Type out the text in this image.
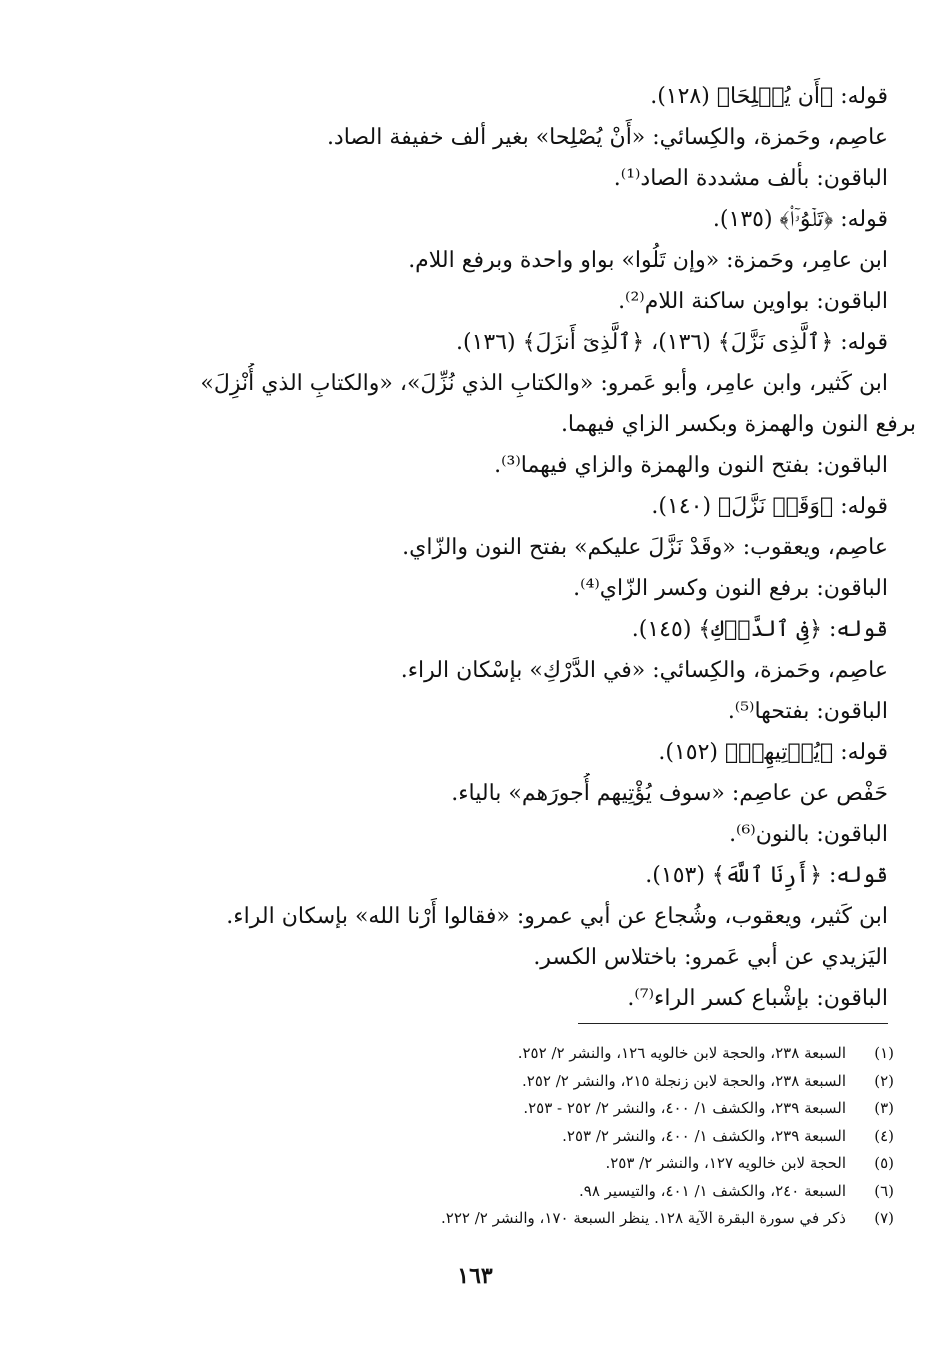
قوله: ﴿أَن يُصۡلِحَا﴾ (١٢٨).
عاصِم، وحَمزة، والكِسائي: «أَنْ يُصْلِحا» بغير ألف خفيفة الصاد.
الباقون: بألف مشددة الصاد⁽¹⁾.
قوله: ﴿تَلۡوُۥٓا۟﴾ (١٣٥).
ابن عامِر، وحَمزة: «وإن تَلُوا» بواو واحدة وبرفع اللام.
الباقون: بواوين ساكنة اللام⁽²⁾.
قوله: ﴿ٱلَّذِى نَزَّلَ﴾ (١٣٦)، ﴿ٱلَّذِىٓ أَنزَلَ﴾ (١٣٦).
ابن كَثير، وابن عامِر، وأبو عَمرو: «والكتابِ الذي نُزِّلَ»، «والكتابِ الذي أُنْزِلَ»
برفع النون والهمزة وبكسر الزاي فيهما.
الباقون: بفتح النون والهمزة والزاي فيهما⁽³⁾.
قوله: ﴿وَقَدۡ نَزَّلَ﴾ (١٤٠).
عاصِم، ويعقوب: «وقَدْ نَزَّلَ عليكم» بفتح النون والزّاي.
الباقون: برفع النون وكسر الزّاي⁽⁴⁾.
قوله: ﴿فِى ٱلدَّرۡكِ﴾ (١٤٥).
عاصِم، وحَمزة، والكِسائي: «في الدَّرْكِ» بإسْكان الراء.
الباقون: بفتحها⁽⁵⁾.
قوله: ﴿يُؤۡتِيهِمۡ﴾ (١٥٢).
حَفْص عن عاصِم: «سوف يُؤْتِيهم أُجورَهم» بالياء.
الباقون: بالنون⁽⁶⁾.
قوله: ﴿أَرِنَا ٱللَّهَ﴾ (١٥٣).
ابن كَثير، ويعقوب، وشُجاع عن أبي عمرو: «فقالوا أَرْنا الله» بإسكان الراء.
اليَزيدي عن أبي عَمرو: باختلاس الكسر.
الباقون: بإشْباع كسر الراء⁽⁷⁾.
(١)
السبعة ٢٣٨، والحجة لابن خالويه ١٢٦، والنشر ٢/ ٢٥٢.
(٢)
السبعة ٢٣٨، والحجة لابن زنجلة ٢١٥، والنشر ٢/ ٢٥٢.
(٣)
السبعة ٢٣٩، والكشف ١/ ٤٠٠، والنشر ٢/ ٢٥٢ - ٢٥٣.
(٤)
السبعة ٢٣٩، والكشف ١/ ٤٠٠، والنشر ٢/ ٢٥٣.
(٥)
الحجة لابن خالويه ١٢٧، والنشر ٢/ ٢٥٣.
(٦)
السبعة ٢٤٠، والكشف ١/ ٤٠١، والتيسير ٩٨.
(٧)
ذكر في سورة البقرة الآية ١٢٨. ينظر السبعة ١٧٠، والنشر ٢/ ٢٢٢.
١٦٣
